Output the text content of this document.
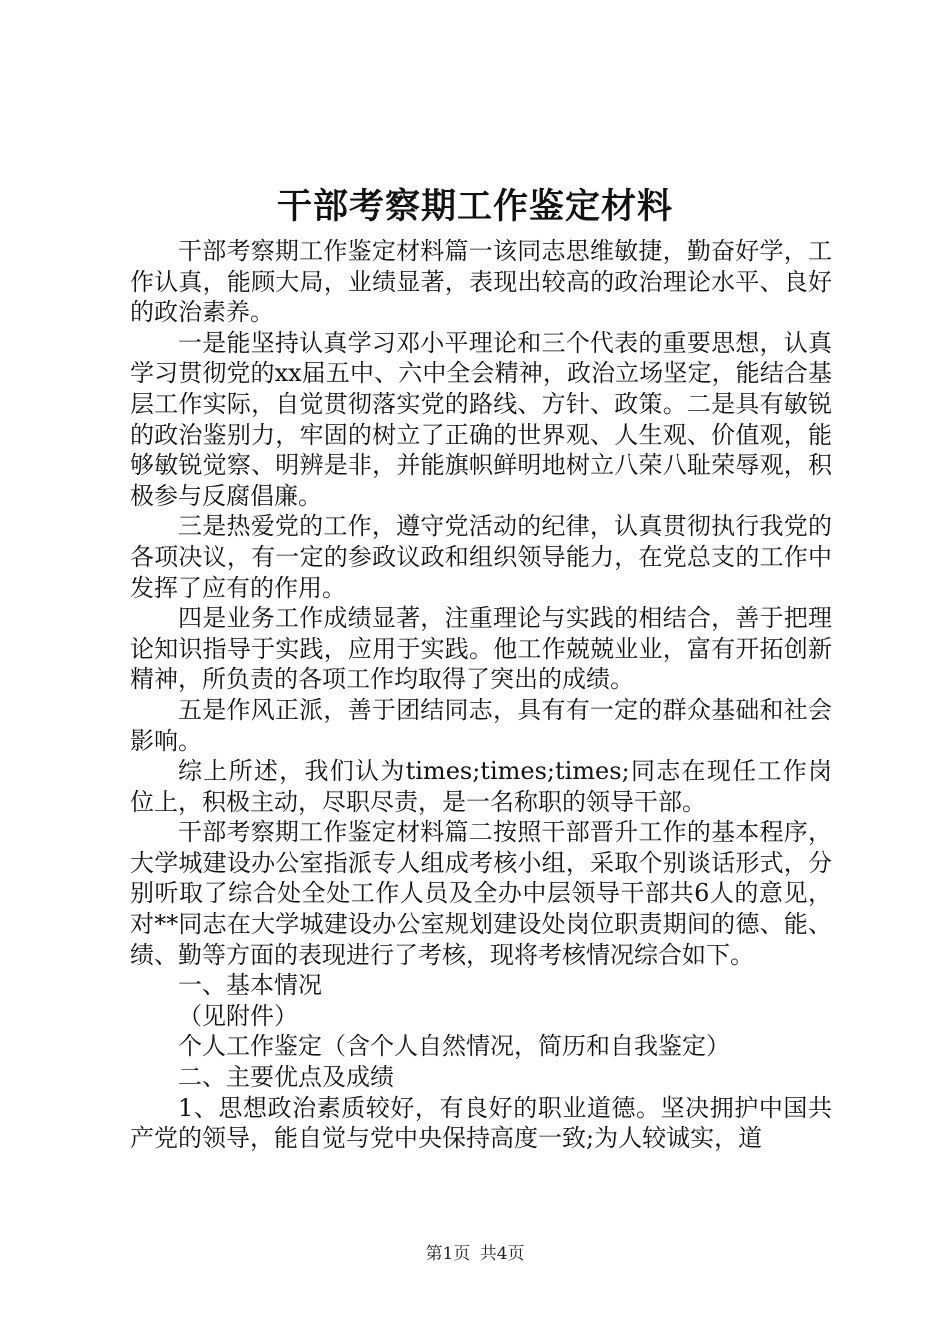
干部考察期工作鉴定材料

干部考察期工作鉴定材料篇一该同志思维敏捷，勤奋好学，工作认真，能顾大局，业绩显著，表现出较高的政治理论水平、良好的政治素养。

一是能坚持认真学习邓小平理论和三个代表的重要思想，认真学习贯彻党的xx届五中、六中全会精神，政治立场坚定，能结合基层工作实际，自觉贯彻落实党的路线、方针、政策。二是具有敏锐的政治鉴别力，牢固的树立了正确的世界观、人生观、价值观，能够敏锐觉察、明辨是非，并能旗帜鲜明地树立八荣八耻荣辱观，积极参与反腐倡廉。

三是热爱党的工作，遵守党活动的纪律，认真贯彻执行我党的各项决议，有一定的参政议政和组织领导能力，在党总支的工作中发挥了应有的作用。

四是业务工作成绩显著，注重理论与实践的相结合，善于把理论知识指导于实践，应用于实践。他工作兢兢业业，富有开拓创新精神，所负责的各项工作均取得了突出的成绩。

五是作风正派，善于团结同志，具有有一定的群众基础和社会影响。

综上所述，我们认为times;times;times;同志在现任工作岗位上，积极主动，尽职尽责，是一名称职的领导干部。

干部考察期工作鉴定材料篇二按照干部晋升工作的基本程序，大学城建设办公室指派专人组成考核小组，采取个别谈话形式，分别听取了综合处全处工作人员及全办中层领导干部共6人的意见，对**同志在大学城建设办公室规划建设处岗位职责期间的德、能、绩、勤等方面的表现进行了考核，现将考核情况综合如下。

一、基本情况

（见附件）

个人工作鉴定（含个人自然情况，简历和自我鉴定）

二、主要优点及成绩

1、思想政治素质较好，有良好的职业道德。坚决拥护中国共产党的领导，能自觉与党中央保持高度一致;为人较诚实，道

第1页 共4页
